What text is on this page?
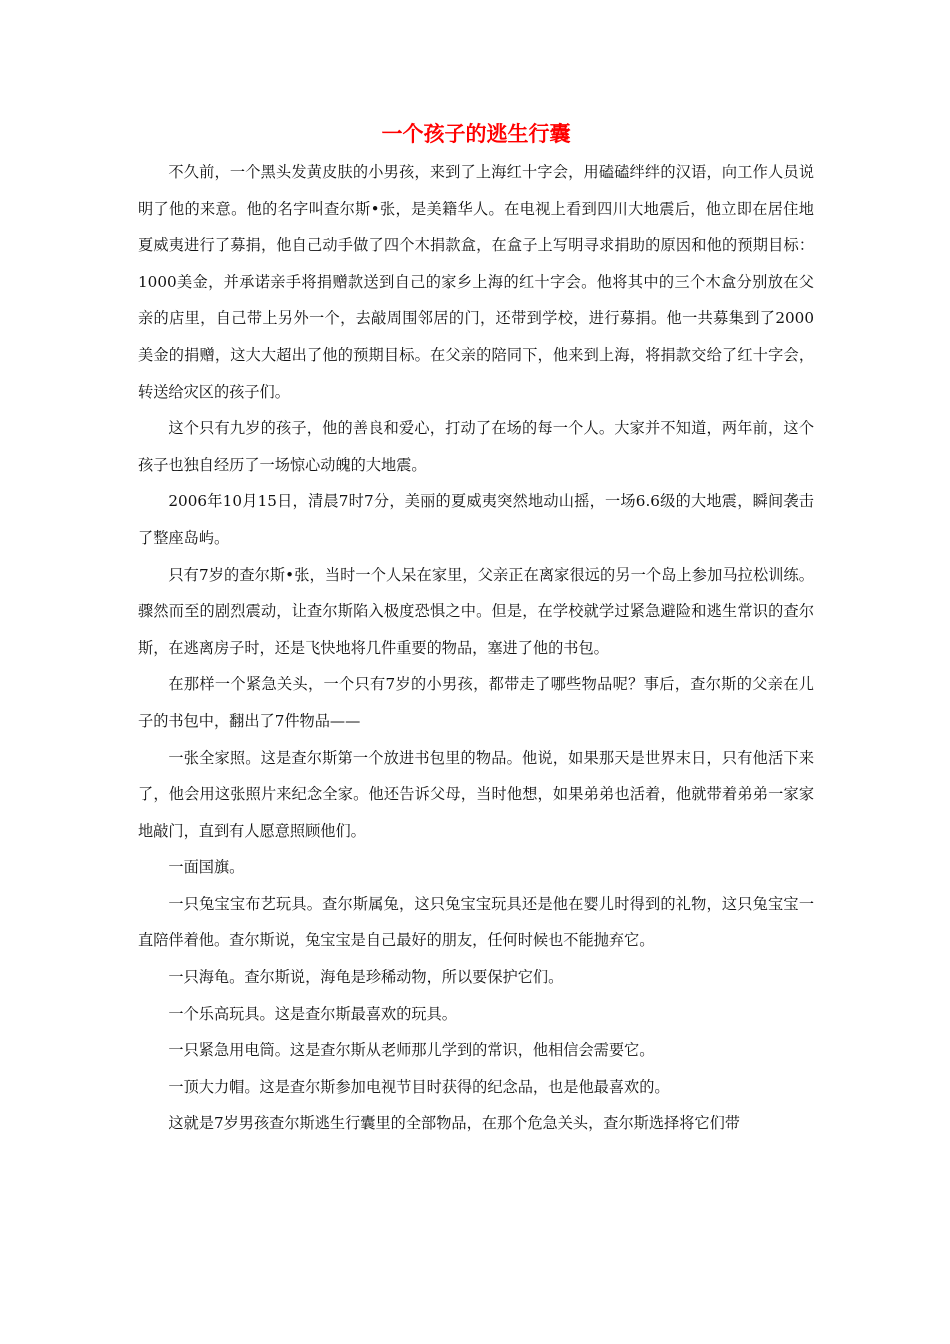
一个孩子的逃生行囊

不久前，一个黑头发黄皮肤的小男孩，来到了上海红十字会，用磕磕绊绊的汉语，向工作人员说明了他的来意。他的名字叫查尔斯•张，是美籍华人。在电视上看到四川大地震后，他立即在居住地夏威夷进行了募捐，他自己动手做了四个木捐款盒，在盒子上写明寻求捐助的原因和他的预期目标：1000美金，并承诺亲手将捐赠款送到自己的家乡上海的红十字会。他将其中的三个木盒分别放在父亲的店里，自己带上另外一个，去敲周围邻居的门，还带到学校，进行募捐。他一共募集到了2000美金的捐赠，这大大超出了他的预期目标。在父亲的陪同下，他来到上海，将捐款交给了红十字会，转送给灾区的孩子们。

这个只有九岁的孩子，他的善良和爱心，打动了在场的每一个人。大家并不知道，两年前，这个孩子也独自经历了一场惊心动魄的大地震。

2006年10月15日，清晨7时7分，美丽的夏威夷突然地动山摇，一场6.6级的大地震，瞬间袭击了整座岛屿。

只有7岁的查尔斯•张，当时一个人呆在家里，父亲正在离家很远的另一个岛上参加马拉松训练。骤然而至的剧烈震动，让查尔斯陷入极度恐惧之中。但是，在学校就学过紧急避险和逃生常识的查尔斯，在逃离房子时，还是飞快地将几件重要的物品，塞进了他的书包。

在那样一个紧急关头，一个只有7岁的小男孩，都带走了哪些物品呢？事后，查尔斯的父亲在儿子的书包中，翻出了7件物品——

一张全家照。这是查尔斯第一个放进书包里的物品。他说，如果那天是世界末日，只有他活下来了，他会用这张照片来纪念全家。他还告诉父母，当时他想，如果弟弟也活着，他就带着弟弟一家家地敲门，直到有人愿意照顾他们。

一面国旗。

一只兔宝宝布艺玩具。查尔斯属兔，这只兔宝宝玩具还是他在婴儿时得到的礼物，这只兔宝宝一直陪伴着他。查尔斯说，兔宝宝是自己最好的朋友，任何时候也不能抛弃它。

一只海龟。查尔斯说，海龟是珍稀动物，所以要保护它们。

一个乐高玩具。这是查尔斯最喜欢的玩具。

一只紧急用电筒。这是查尔斯从老师那儿学到的常识，他相信会需要它。

一顶大力帽。这是查尔斯参加电视节目时获得的纪念品，也是他最喜欢的。

这就是7岁男孩查尔斯逃生行囊里的全部物品，在那个危急关头，查尔斯选择将它们带
